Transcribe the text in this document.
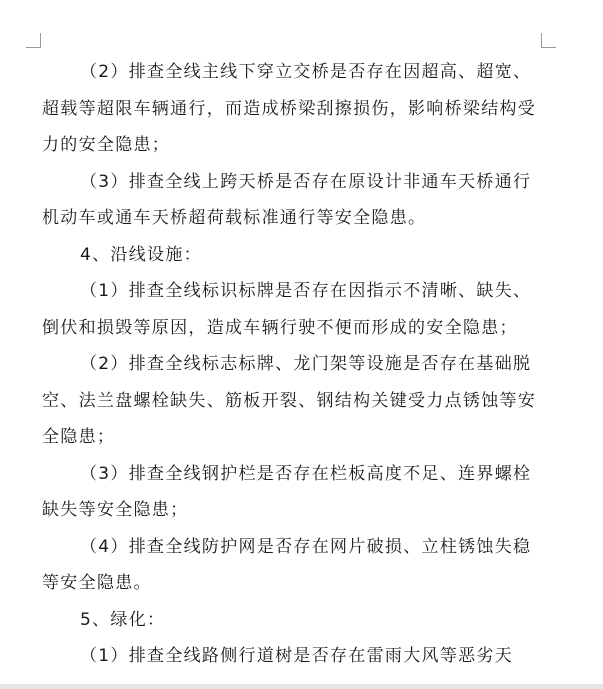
（2）排查全线主线下穿立交桥是否存在因超高、超宽、超载等超限车辆通行，而造成桥梁刮擦损伤，影响桥梁结构受力的安全隐患；

（3）排查全线上跨天桥是否存在原设计非通车天桥通行机动车或通车天桥超荷载标准通行等安全隐患。

4、沿线设施：

（1）排查全线标识标牌是否存在因指示不清晰、缺失、倒伏和损毁等原因，造成车辆行驶不便而形成的安全隐患；

（2）排查全线标志标牌、龙门架等设施是否存在基础脱空、法兰盘螺栓缺失、筋板开裂、钢结构关键受力点锈蚀等安全隐患；

（3）排查全线钢护栏是否存在栏板高度不足、连界螺栓缺失等安全隐患；

（4）排查全线防护网是否存在网片破损、立柱锈蚀失稳等安全隐患。

5、绿化：

（1）排查全线路侧行道树是否存在雷雨大风等恶劣天
